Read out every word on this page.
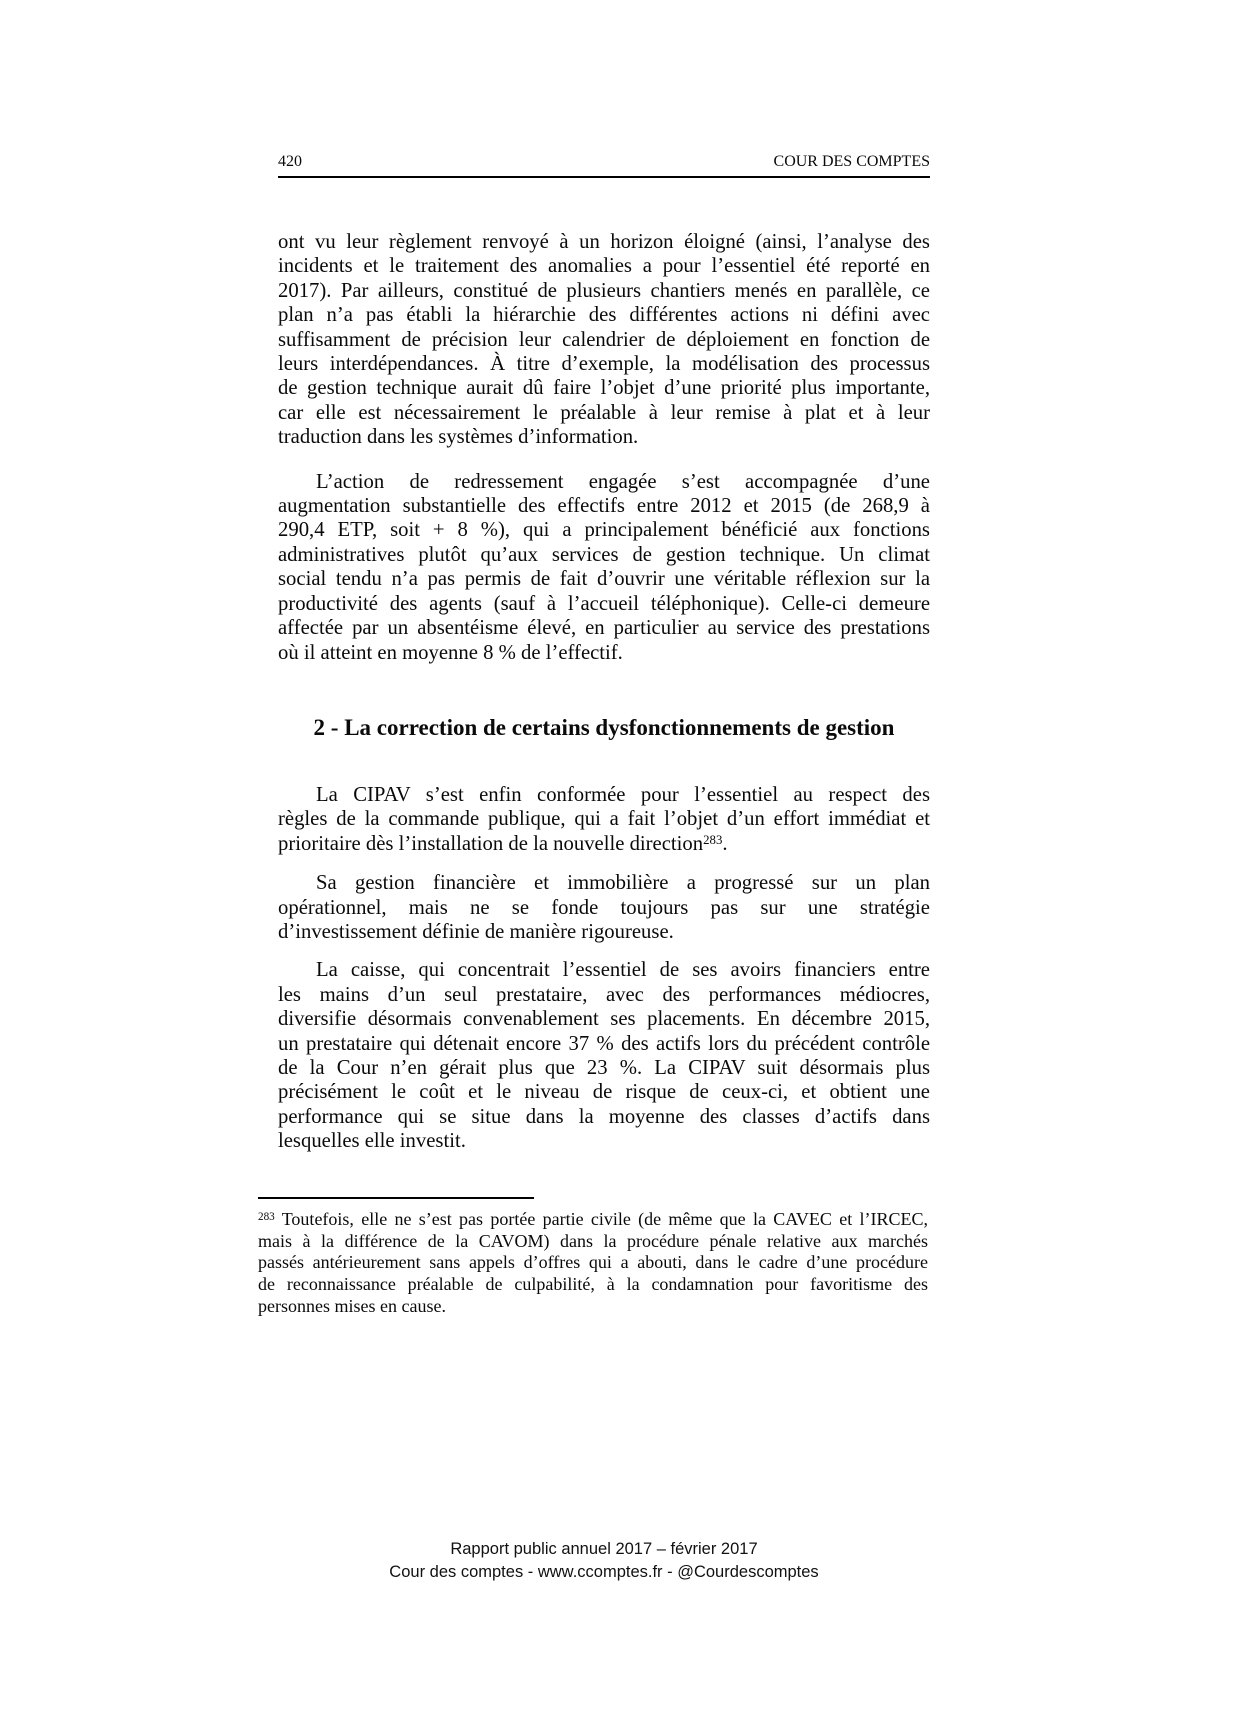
420	COUR DES COMPTES
ont vu leur règlement renvoyé à un horizon éloigné (ainsi, l’analyse des
incidents et le traitement des anomalies a pour l’essentiel été reporté en
2017). Par ailleurs, constitué de plusieurs chantiers menés en parallèle, ce
plan n’a pas établi la hiérarchie des différentes actions ni défini avec
suffisamment de précision leur calendrier de déploiement en fonction de
leurs interdépendances. À titre d’exemple, la modélisation des processus
de gestion technique aurait dû faire l’objet d’une priorité plus importante,
car elle est nécessairement le préalable à leur remise à plat et à leur
traduction dans les systèmes d’information.
L’action de redressement engagée s’est accompagnée d’une
augmentation substantielle des effectifs entre 2012 et 2015 (de 268,9 à
290,4 ETP, soit + 8 %), qui a principalement bénéficié aux fonctions
administratives plutôt qu’aux services de gestion technique. Un climat
social tendu n’a pas permis de fait d’ouvrir une véritable réflexion sur la
productivité des agents (sauf à l’accueil téléphonique). Celle-ci demeure
affectée par un absentéisme élevé, en particulier au service des prestations
où il atteint en moyenne 8 % de l’effectif.
2 - La correction de certains dysfonctionnements de gestion
La CIPAV s’est enfin conformée pour l’essentiel au respect des
règles de la commande publique, qui a fait l’objet d’un effort immédiat et
prioritaire dès l’installation de la nouvelle direction$^{283}$.
Sa gestion financière et immobilière a progressé sur un plan
opérationnel, mais ne se fonde toujours pas sur une stratégie
d’investissement définie de manière rigoureuse.
La caisse, qui concentrait l’essentiel de ses avoirs financiers entre
les mains d’un seul prestataire, avec des performances médiocres,
diversifie désormais convenablement ses placements. En décembre 2015,
un prestataire qui détenait encore 37 % des actifs lors du précédent contrôle
de la Cour n’en gérait plus que 23 %. La CIPAV suit désormais plus
précisément le coût et le niveau de risque de ceux-ci, et obtient une
performance qui se situe dans la moyenne des classes d’actifs dans
lesquelles elle investit.
$^{283}$ Toutefois, elle ne s’est pas portée partie civile (de même que la CAVEC et l’IRCEC,
mais à la différence de la CAVOM) dans la procédure pénale relative aux marchés
passés antérieurement sans appels d’offres qui a abouti, dans le cadre d’une procédure
de reconnaissance préalable de culpabilité, à la condamnation pour favoritisme des
personnes mises en cause.
Rapport public annuel 2017 – février 2017
Cour des comptes - www.ccomptes.fr - @Courdescomptes
